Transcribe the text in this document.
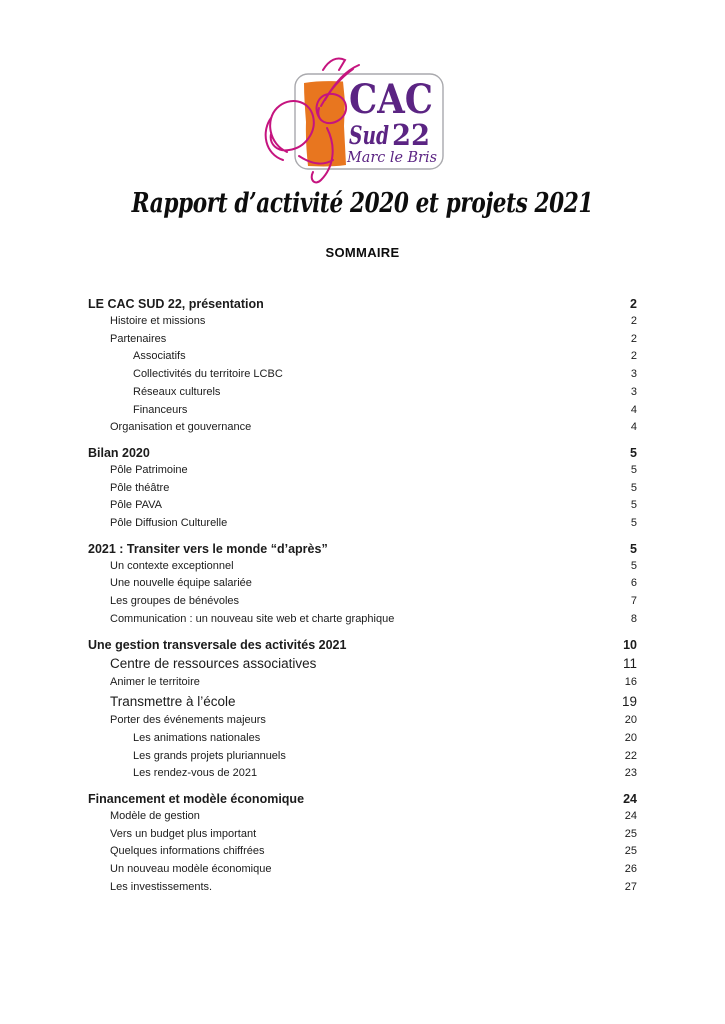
CAC
Sud 22
Marc le Bris
Rapport d’activité 2020 et projets 2021
SOMMAIRE
LE CAC SUD 22, présentation	2
Histoire et missions	2
Partenaires	2
Associatifs	2
Collectivités du territoire LCBC	3
Réseaux culturels	3
Financeurs	4
Organisation et gouvernance	4
Bilan 2020	5
Pôle Patrimoine	5
Pôle théâtre	5
Pôle PAVA	5
Pôle Diffusion Culturelle	5
2021 : Transiter vers le monde “d’après”	5
Un contexte exceptionnel	5
Une nouvelle équipe salariée	6
Les groupes de bénévoles	7
Communication : un nouveau site web et charte graphique	8
Une gestion transversale des activités 2021	10
Centre de ressources associatives	11
Animer le territoire	16
Transmettre à l’école	19
Porter des événements majeurs	20
Les animations nationales	20
Les grands projets pluriannuels	22
Les rendez-vous de 2021	23
Financement et modèle économique	24
Modèle de gestion	24
Vers un budget plus important	25
Quelques informations chiffrées	25
Un nouveau modèle économique	26
Les investissements.	27
